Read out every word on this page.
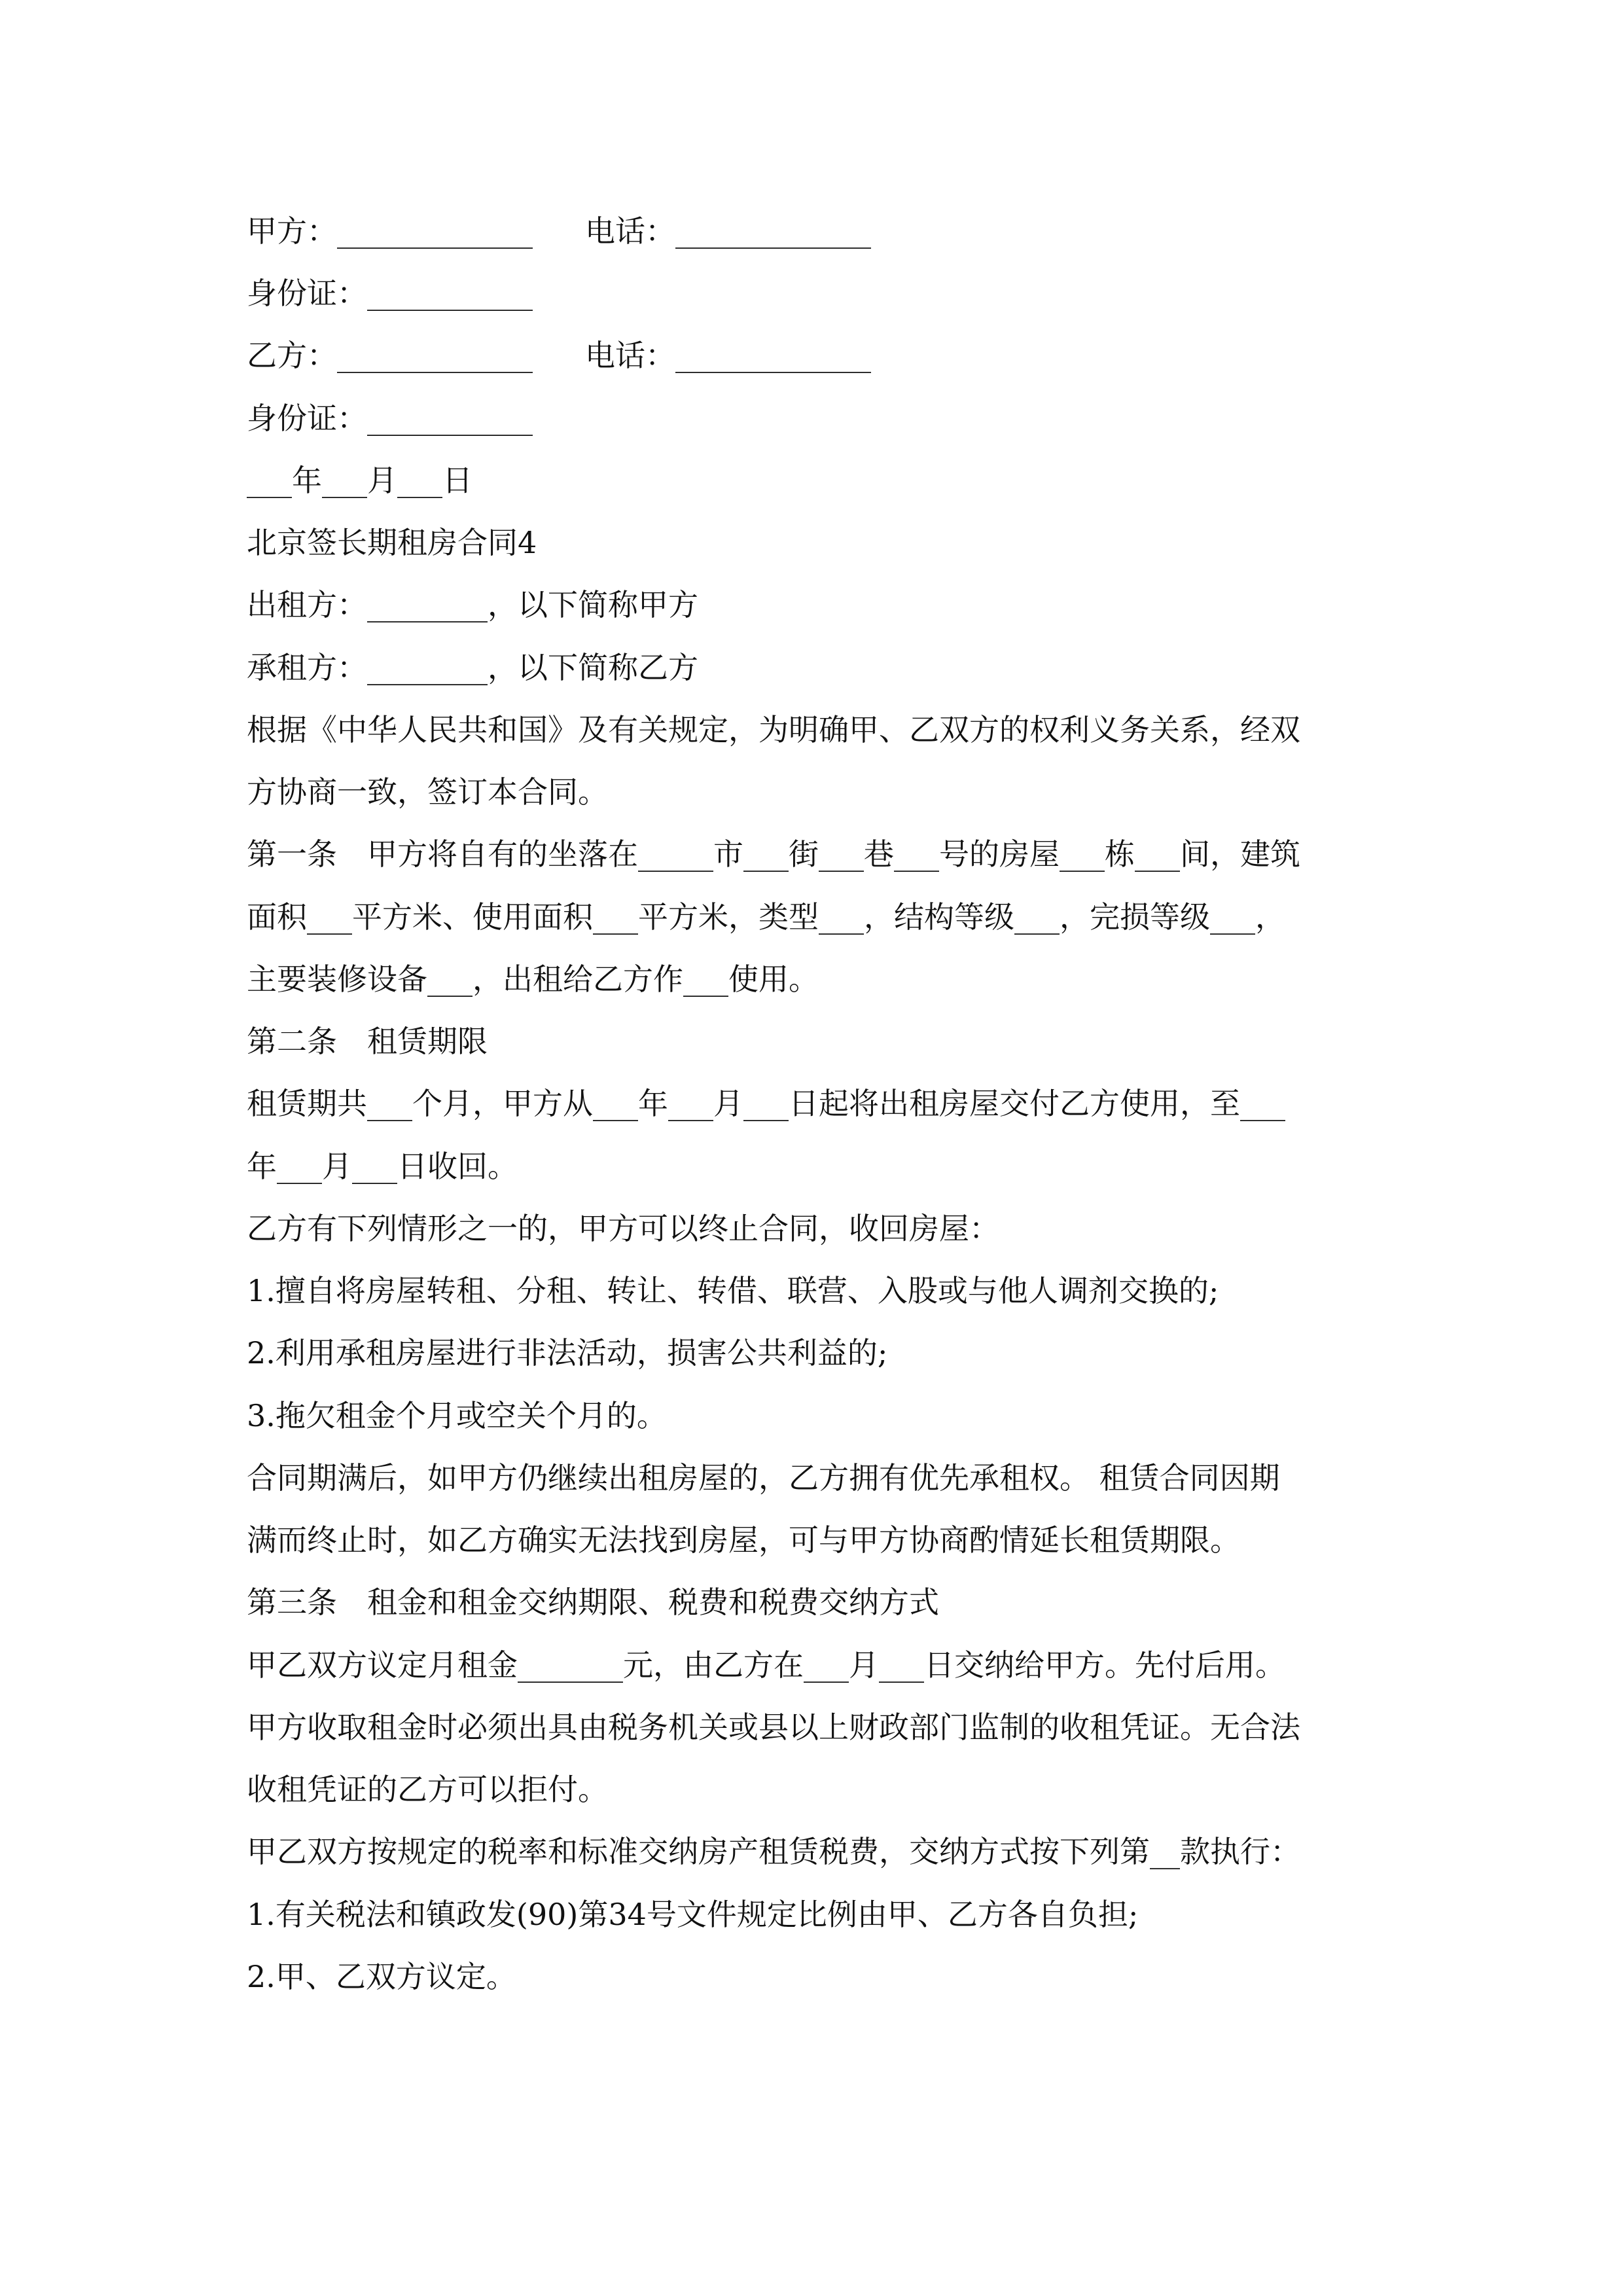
甲方：_____________ 电话：_____________
身份证：___________
乙方：_____________ 电话：_____________
身份证：___________
___年___月___日
北京签长期租房合同4
出租方：________，以下简称甲方
承租方：________，以下简称乙方
根据《中华人民共和国》及有关规定，为明确甲、乙双方的权利义务关系，经双
方协商一致，签订本合同。
第一条　甲方将自有的坐落在_____市___街___巷___号的房屋___栋___间，建筑
面积___平方米、使用面积___平方米，类型___，结构等级___，完损等级___，
主要装修设备___，出租给乙方作___使用。
第二条　租赁期限
租赁期共___个月，甲方从___年___月___日起将出租房屋交付乙方使用，至___
年___月___日收回。
乙方有下列情形之一的，甲方可以终止合同，收回房屋：
1.擅自将房屋转租、分租、转让、转借、联营、入股或与他人调剂交换的;
2.利用承租房屋进行非法活动，损害公共利益的;
3.拖欠租金个月或空关个月的。
合同期满后，如甲方仍继续出租房屋的，乙方拥有优先承租权。 租赁合同因期
满而终止时，如乙方确实无法找到房屋，可与甲方协商酌情延长租赁期限。
第三条　租金和租金交纳期限、税费和税费交纳方式
甲乙双方议定月租金_______元，由乙方在___月___日交纳给甲方。先付后用。
甲方收取租金时必须出具由税务机关或县以上财政部门监制的收租凭证。无合法
收租凭证的乙方可以拒付。
甲乙双方按规定的税率和标准交纳房产租赁税费，交纳方式按下列第__款执行：
1.有关税法和镇政发(90)第34号文件规定比例由甲、乙方各自负担;
2.甲、乙双方议定。
